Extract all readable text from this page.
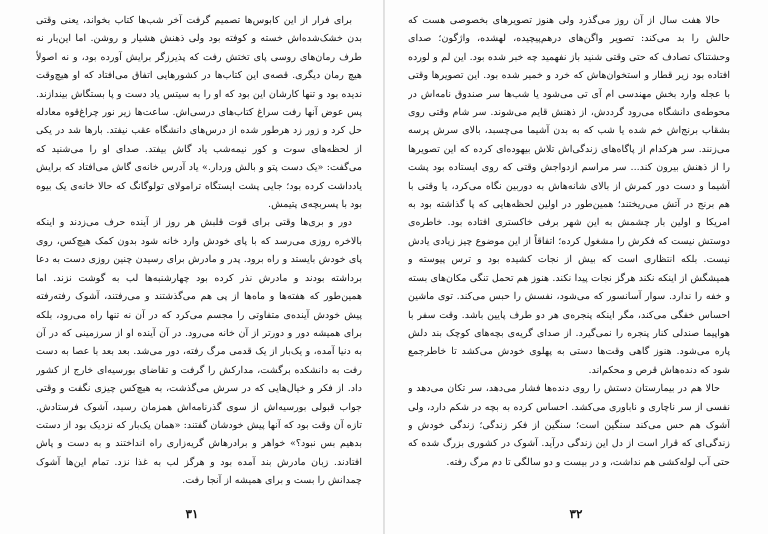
برای فرار از این کابوس‌ها تصمیم گرفت آخر شب‌ها کتاب بخواند، یعنی وقتی بدن خشک‌شده‌اش خسته و کوفته بود ولی ذهنش هشیار و روشن. اما این‌بار نه طرف رمان‌های روسی پای تختش رفت که پذیرزگر برایش آورده بود، و نه اصولاً هیچ رمان دیگری. قصه‌ی این کتاب‌ها در کشورهایی اتفاق می‌افتاد که او هیچ‌وقت ندیده بود و تنها کارشان این بود که او را به سیتس یاد دست و پا بستگاش بیندازند. پس عوض آنها رفت سراغ کتاب‌های درسی‌اش. ساعت‌ها زیر نور چراغ‌قوه معادله حل کرد و زور زد هرطور شده از درس‌های دانشگاه عقب نیفتد. بارها شد در یکی از لحظه‌های سوت و کور نیمه‌شب یاد گاش بیفتد. صدای او را می‌شنید که می‌گفت: «یک دست پتو و بالش وردار.» یاد آدرس خانه‌ی گاش می‌افتاد که برایش یادداشت کرده بود؛ جایی پشت ایستگاه ترامولای تولوگانگ که حالا خانه‌ی یک بیوه بود با پسربچه‌ی پتیمش.

دور و بری‌ها وقتی برای قوت قلبش هر روز از آینده حرف می‌زدند و اینکه بالاخره روزی می‌رسد که با پای خودش وارد خانه شود بدون کمک هیچ‌کس، روی پای خودش بایستد و راه برود. پدر و مادرش برای رسیدن چنین روزی دست به دعا برداشته بودند و مادرش نذر کرده بود چهارشنبه‌ها لب به گوشت نزند. اما همین‌طور که هفته‌ها و ماه‌ها از پی هم می‌گذشتند و می‌رفتند، آشوک رفته‌رفته پیش خودش آینده‌ی متفاوتی را مجسم می‌کرد که در آن نه تنها راه می‌رود، بلکه برای همیشه دور و دورتر از آن خانه می‌رود. در آن آینده او از سرزمینی که در آن به دنیا آمده، و یک‌بار از یک قدمی مرگ رفته، دور می‌شد. بعد بعد با عصا به دست رفت به دانشکده برگشت، مدارکش را گرفت و تقاضای بورسیه‌ای خارج از کشور داد. از فکر و خیال‌هایی که در سرش می‌گذشت، به هیچ‌کس چیزی نگفت و وقتی جواب قبولی بورسیه‌اش از سوی گذرنامه‌اش همزمان رسید، آشوک فرستادش. تازه آن وقت بود که آنها پیش خودشان گفتند: «همان یک‌بار که نزدیک بود از دستت بدهیم بس نبود؟» خواهر و برادرهاش گریه‌زاری راه انداختند و به دست و پاش افتادند. زبان مادرش بند آمده بود و هرگز لب به غذا نزد. تمام این‌ها آشوک چمدانش را بست و برای همیشه از آنجا رفت.

۳۱

حالا هفت سال از آن روز می‌گذرد ولی هنوز تصویرهای بخصوصی هست که حالش را بد می‌کند: تصویر واگن‌های درهم‌پیچیده، لهشده، واژگون؛ صدای وحشتناک تصادف که حتی وقتی شنید باز نفهمید چه خبر شده بود. این لم و لورده افتاده بود زیر قطار و استخوان‌هاش که خرد و خمیر شده بود. این تصویرها وقتی با عجله وارد بخش مهندسی ام آی تی می‌شود یا شب‌ها سر صندوق نامه‌اش در محوطه‌ی دانشگاه می‌رود گرددش، از ذهنش قایم می‌شوند. سر شام وقتی روی بشقاب برنج‌اش خم شده یا شب که به بدن آشیما می‌چسبد، بالای سرش پرسه می‌زنند. سر هرکدام از پاگاه‌های زندگی‌اش تلاش بیهوده‌ای کرده که این تصویرها را از ذهنش بیرون کند... سر مراسم ازدواجش وقتی که روی ایستاده بود پشت آشیما و دست دور کمرش از بالای شانه‌هاش به دوربین نگاه می‌کرد، یا وقتی با هم برنج در آتش می‌ریختند؛ همین‌طور در اولین لحظه‌هایی که پا گذاشته بود به امریکا و اولین بار چشمش به این شهر برفی خاکستری افتاده بود. خاطره‌ی دوستش نیست که فکرش را مشغول کرده؛ اتفاقاً از این موضوع چیز زیادی یادش نیست. بلکه انتظاری است که بیش از نجات کشیده بود و ترس پیوسته و همیشگش از اینکه نکند هرگز نجات پیدا نکند. هنوز هم تحمل تنگی مکان‌های بسته و خفه را ندارد. سوار آسانسور که می‌شود، نفسش را حبس می‌کند. توی ماشین احساس خفگی می‌کند، مگر اینکه پنجره‌ی هر دو طرف پایین باشد. وقت سفر با هواپیما صندلی کنار پنجره را نمی‌گیرد. از صدای گریه‌ی بچه‌های کوچک بند دلش پاره می‌شود. هنوز گاهی وقت‌ها دستی به پهلوی خودش می‌کشد تا خاطرجمع شود که دنده‌هاش قرص و محکم‌اند.

حالا هم در بیمارستان دستش را روی دنده‌ها فشار می‌دهد، سر تکان می‌دهد و نفسی از سر ناچاری و ناباوری می‌کشد. احساس کرده به بچه در شکم دارد، ولی آشوک هم حس می‌کند سنگین است؛ سنگین از فکر زندگی؛ زندگی خودش و زندگی‌ای که قرار است از دل این زندگی درآید. آشوک در کشوری بزرگ شده که حتی آب لوله‌کشی هم نداشت، و در بیست و دو سالگی تا دم مرگ رفته.

۳۲
